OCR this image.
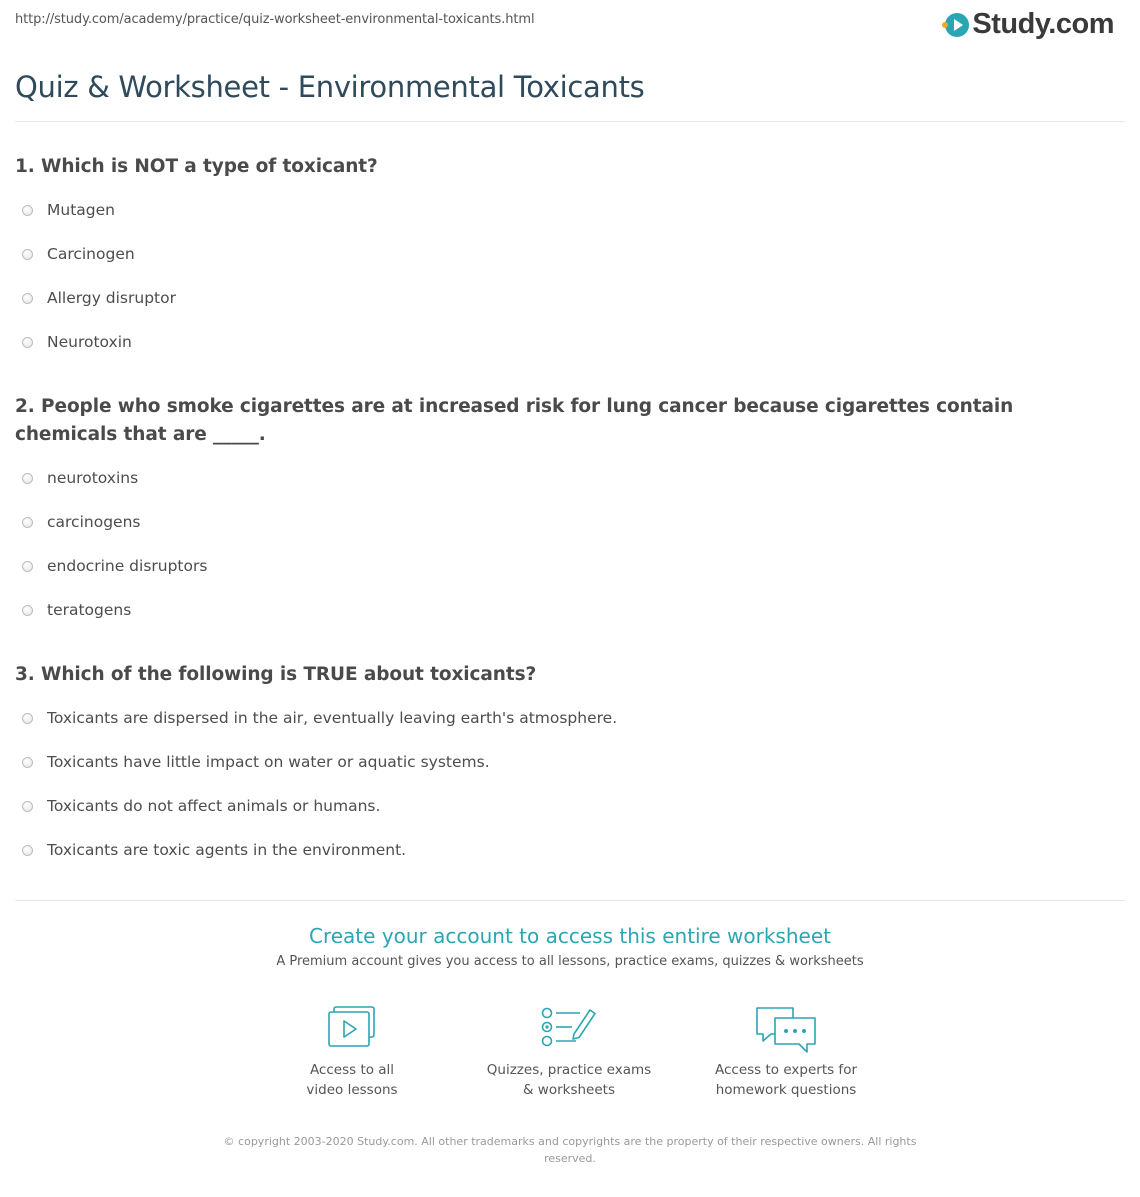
http://study.com/academy/practice/quiz-worksheet-environmental-toxicants.html	Study.com
Quiz & Worksheet - Environmental Toxicants
1. Which is NOT a type of toxicant?
Mutagen
Carcinogen
Allergy disruptor
Neurotoxin
2. People who smoke cigarettes are at increased risk for lung cancer because cigarettes contain chemicals that are _____.
neurotoxins
carcinogens
endocrine disruptors
teratogens
3. Which of the following is TRUE about toxicants?
Toxicants are dispersed in the air, eventually leaving earth's atmosphere.
Toxicants have little impact on water or aquatic systems.
Toxicants do not affect animals or humans.
Toxicants are toxic agents in the environment.
Create your account to access this entire worksheet
A Premium account gives you access to all lessons, practice exams, quizzes & worksheets
Access to all
video lessons
Quizzes, practice exams
& worksheets
Access to experts for
homework questions
© copyright 2003-2020 Study.com. All other trademarks and copyrights are the property of their respective owners. All rights
reserved.
